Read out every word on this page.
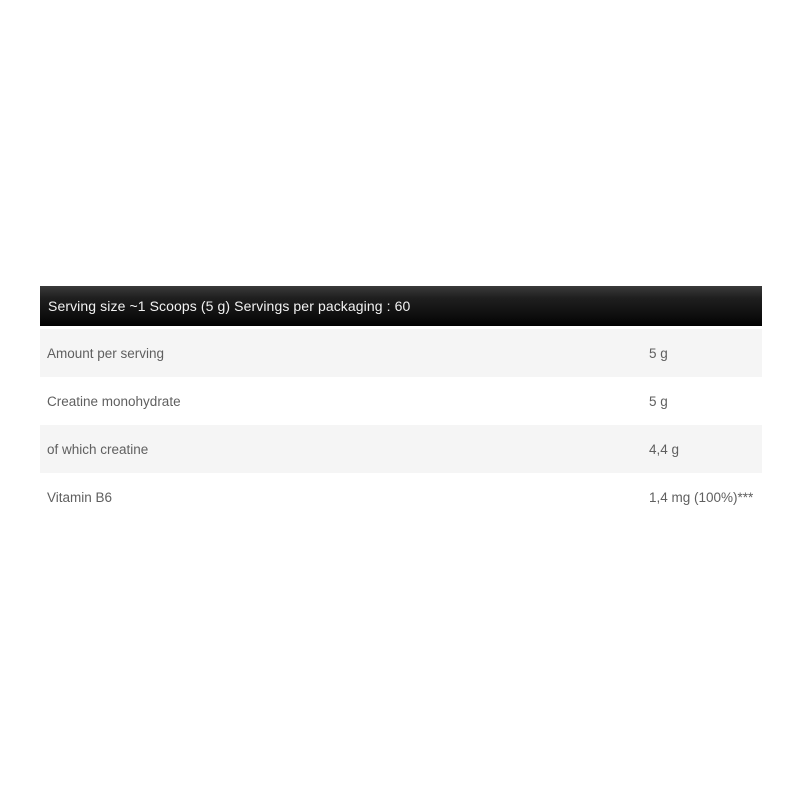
Serving size ~1 Scoops (5 g) Servings per packaging : 60
Amount per serving	5 g
Creatine monohydrate	5 g
of which creatine	4,4 g
Vitamin B6	1,4 mg (100%)***
